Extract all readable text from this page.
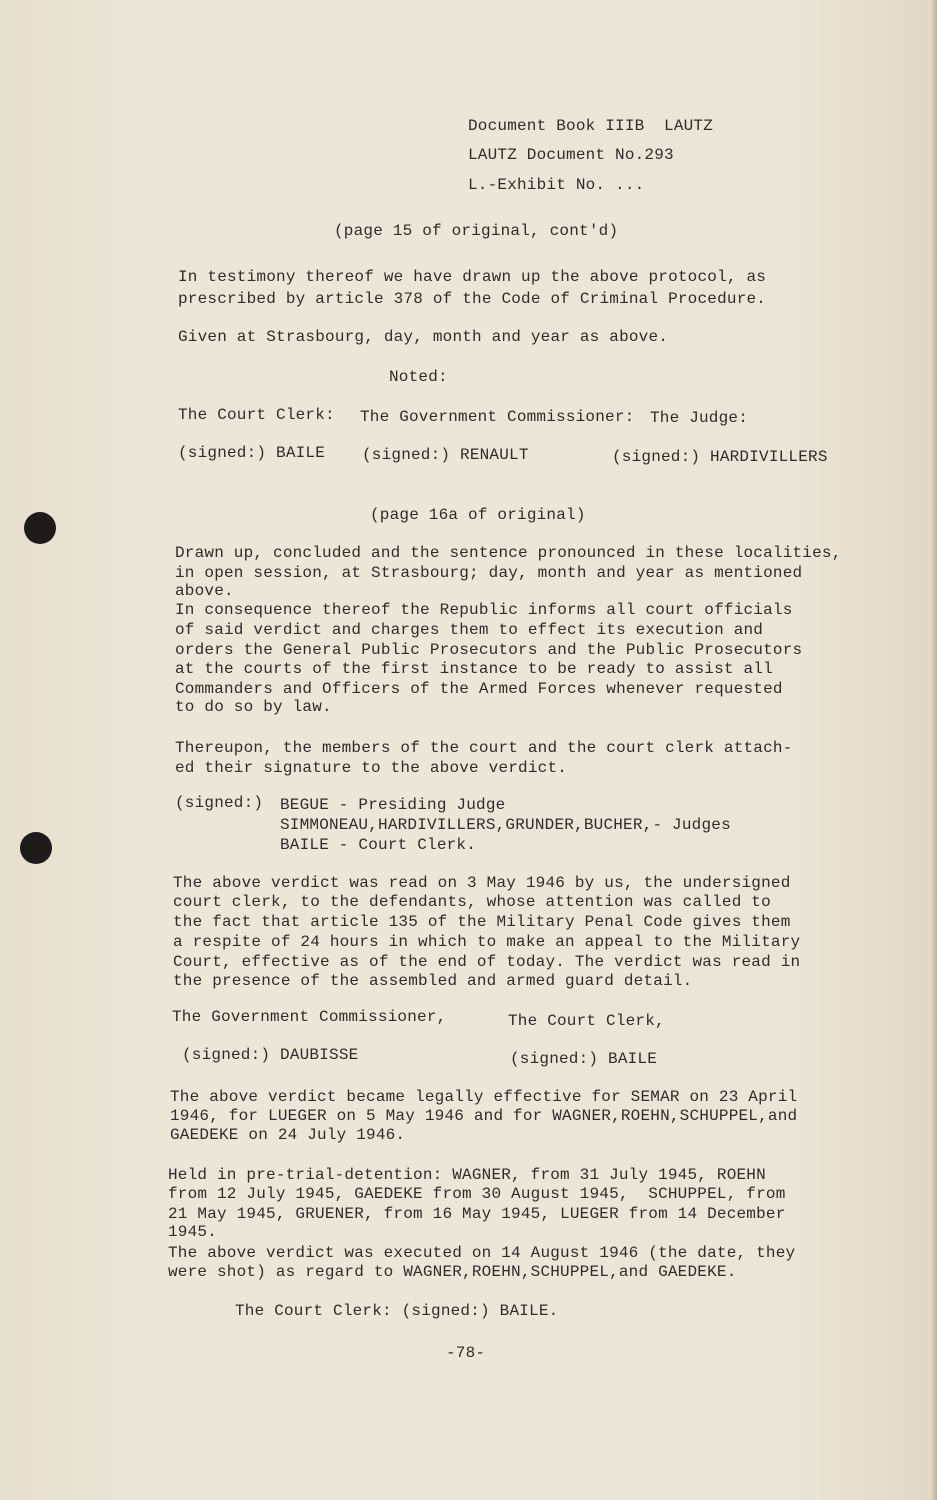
Document Book IIIB  LAUTZ
LAUTZ Document No.293
L.-Exhibit No. ...
(page 15 of original, cont'd)
In testimony thereof we have drawn up the above protocol, as
prescribed by article 378 of the Code of Criminal Procedure.
Given at Strasbourg, day, month and year as above.
Noted:
The Court Clerk: The Government Commissioner: The Judge:
(signed:) BAILE (signed:) RENAULT	(signed:) HARDIVILLERS
(page 16a of original)
Drawn up, concluded and the sentence pronounced in these localities,
in open session, at Strasbourg; day, month and year as mentioned
above.
In consequence thereof the Republic informs all court officials
of said verdict and charges them to effect its execution and
orders the General Public Prosecutors and the Public Prosecutors
at the courts of the first instance to be ready to assist all
Commanders and Officers of the Armed Forces whenever requested
to do so by law.
Thereupon, the members of the court and the court clerk attach-
ed their signature to the above verdict.
(signed:) BEGUE - Presiding Judge
SIMMONEAU,HARDIVILLERS,GRUNDER,BUCHER,- Judges
BAILE - Court Clerk.
The above verdict was read on 3 May 1946 by us, the undersigned
court clerk, to the defendants, whose attention was called to
the fact that article 135 of the Military Penal Code gives them
a respite of 24 hours in which to make an appeal to the Military
Court, effective as of the end of today. The verdict was read in
the presence of the assembled and armed guard detail.
The Government Commissioner,	The Court Clerk,
(signed:) DAUBISSE	(signed:) BAILE
The above verdict became legally effective for SEMAR on 23 April
1946, for LUEGER on 5 May 1946 and for WAGNER,ROEHN,SCHUPPEL,and
GAEDEKE on 24 July 1946.
Held in pre-trial-detention: WAGNER, from 31 July 1945, ROEHN
from 12 July 1945, GAEDEKE from 30 August 1945,  SCHUPPEL, from
21 May 1945, GRUENER, from 16 May 1945, LUEGER from 14 December
1945.
The above verdict was executed on 14 August 1946 (the date, they
were shot) as regard to WAGNER,ROEHN,SCHUPPEL,and GAEDEKE.
The Court Clerk: (signed:) BAILE.
-78-
